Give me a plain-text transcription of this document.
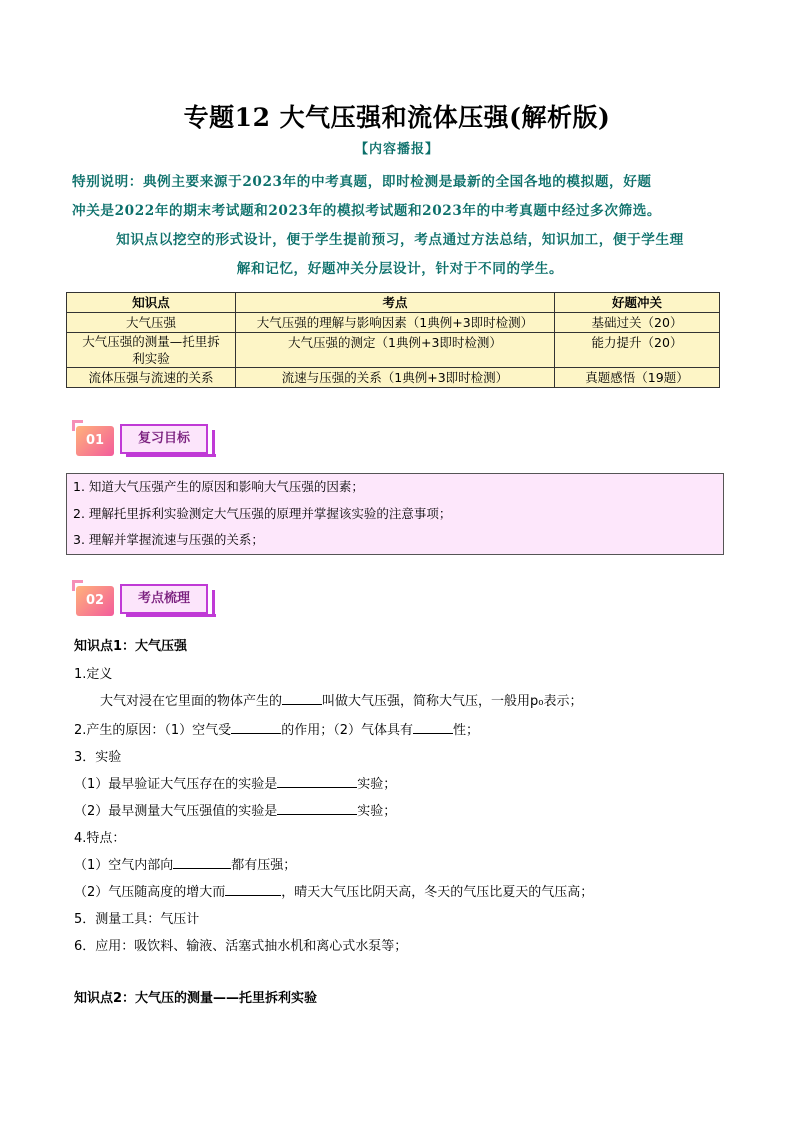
专题12 大气压强和流体压强(解析版)
【内容播报】

特别说明：典例主要来源于2023年的中考真题，即时检测是最新的全国各地的模拟题，好题

冲关是2022年的期末考试题和2023年的模拟考试题和2023年的中考真题中经过多次筛选。

知识点以挖空的形式设计，便于学生提前预习，考点通过方法总结，知识加工，便于学生理

解和记忆，好题冲关分层设计，针对于不同的学生。

知识点	考点	好题冲关
大气压强	大气压强的理解与影响因素（1典例+3即时检测）	基础过关（20）
大气压强的测量—托里拆利实验	大气压强的测定（1典例+3即时检测）	能力提升（20）
流体压强与流速的关系	流速与压强的关系（1典例+3即时检测）	真题感悟（19题）
01	复习目标
1. 知道大气压强产生的原因和影响大气压强的因素；
2. 理解托里拆利实验测定大气压强的原理并掌握该实验的注意事项；
3. 理解并掌握流速与压强的关系；
02	考点梳理
知识点1：大气压强
1.定义
大气对浸在它里面的物体产生的	叫做大气压强，简称大气压，一般用p₀表示；
2.产生的原因：（1）空气受	的作用；（2）气体具有	性；
3．实验
（1）最早验证大气压存在的实验是	实验；
（2）最早测量大气压强值的实验是	实验；
4.特点：
（1）空气内部向	都有压强；
（2）气压随高度的增大而	，晴天大气压比阴天高，冬天的气压比夏天的气压高；
5．测量工具：气压计
6．应用：吸饮料、输液、活塞式抽水机和离心式水泵等；
知识点2：大气压的测量——托里拆利实验
